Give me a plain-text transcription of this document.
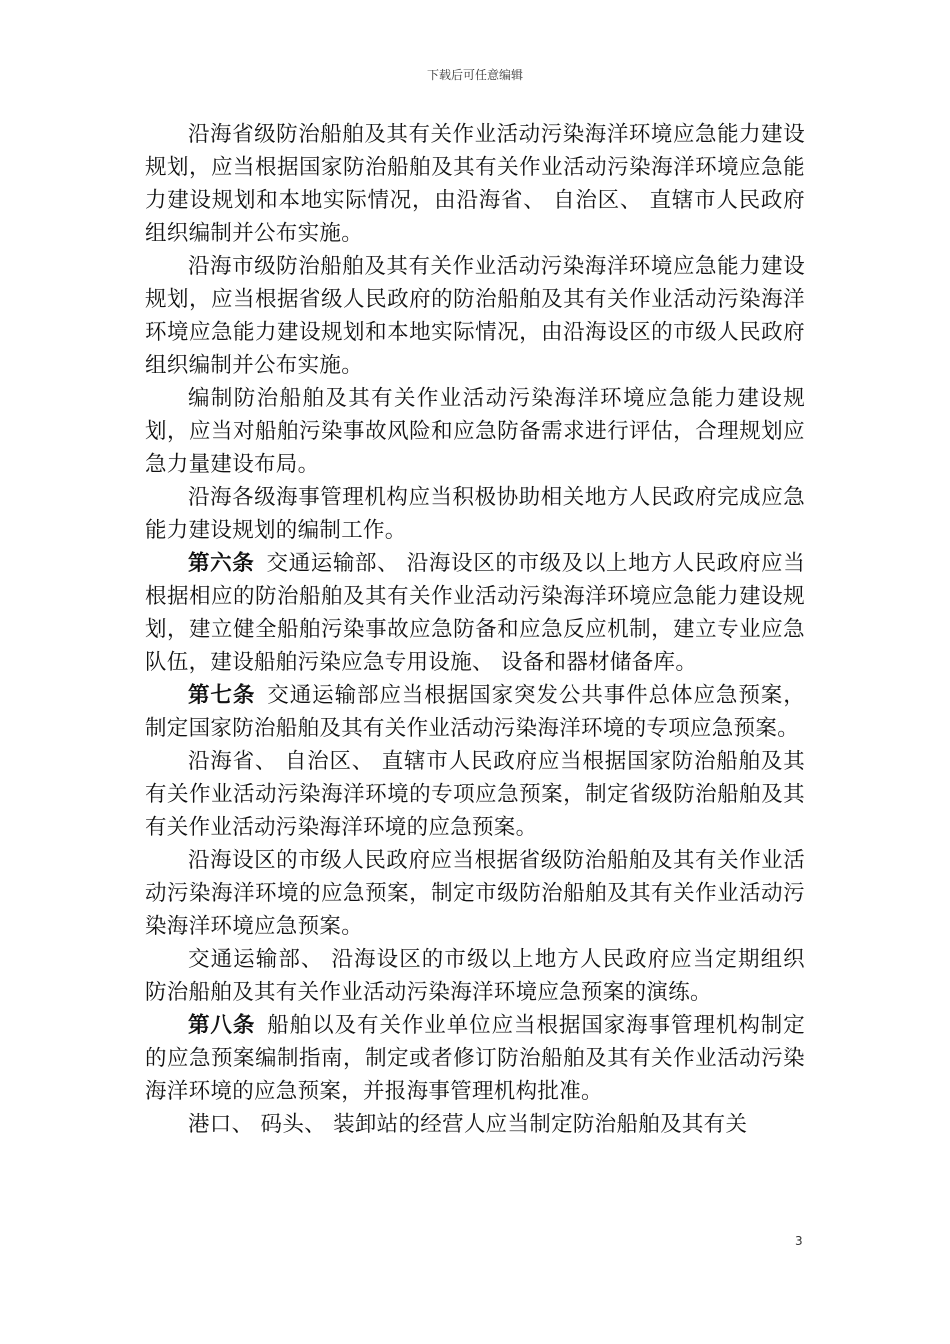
下载后可任意编辑

沿海省级防治船舶及其有关作业活动污染海洋环境应急能力建设规划，应当根据国家防治船舶及其有关作业活动污染海洋环境应急能力建设规划和本地实际情况，由沿海省、 自治区、 直辖市人民政府组织编制并公布实施。

沿海市级防治船舶及其有关作业活动污染海洋环境应急能力建设规划，应当根据省级人民政府的防治船舶及其有关作业活动污染海洋环境应急能力建设规划和本地实际情况，由沿海设区的市级人民政府组织编制并公布实施。

编制防治船舶及其有关作业活动污染海洋环境应急能力建设规划，应当对船舶污染事故风险和应急防备需求进行评估，合理规划应急力量建设布局。

沿海各级海事管理机构应当积极协助相关地方人民政府完成应急能力建设规划的编制工作。

第六条 交通运输部、 沿海设区的市级及以上地方人民政府应当根据相应的防治船舶及其有关作业活动污染海洋环境应急能力建设规划，建立健全船舶污染事故应急防备和应急反应机制，建立专业应急队伍，建设船舶污染应急专用设施、 设备和器材储备库。

第七条 交通运输部应当根据国家突发公共事件总体应急预案，制定国家防治船舶及其有关作业活动污染海洋环境的专项应急预案。

沿海省、 自治区、 直辖市人民政府应当根据国家防治船舶及其有关作业活动污染海洋环境的专项应急预案，制定省级防治船舶及其有关作业活动污染海洋环境的应急预案。

沿海设区的市级人民政府应当根据省级防治船舶及其有关作业活动污染海洋环境的应急预案，制定市级防治船舶及其有关作业活动污染海洋环境应急预案。

交通运输部、 沿海设区的市级以上地方人民政府应当定期组织防治船舶及其有关作业活动污染海洋环境应急预案的演练。

第八条 船舶以及有关作业单位应当根据国家海事管理机构制定的应急预案编制指南，制定或者修订防治船舶及其有关作业活动污染海洋环境的应急预案，并报海事管理机构批准。

港口、 码头、 装卸站的经营人应当制定防治船舶及其有关

3
